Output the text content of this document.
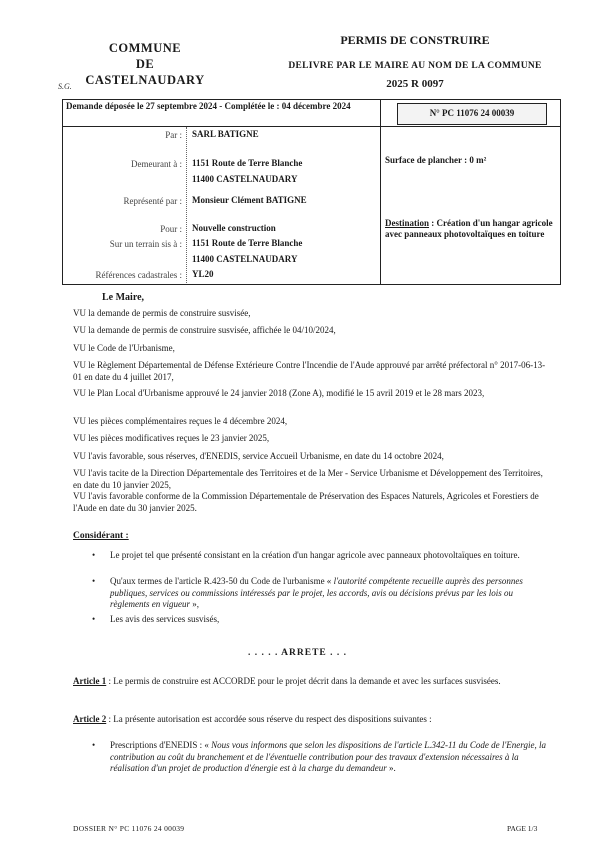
COMMUNE
DE
CASTELNAUDARY
S.G.
PERMIS DE CONSTRUIRE
DELIVRE PAR LE MAIRE AU NOM DE LA COMMUNE
2025 R 0097
N° PC 11076 24 00039
Demande déposée le 27 septembre 2024 - Complétée le : 04 décembre 2024
Par : SARL BATIGNE
Demeurant à : 1151 Route de Terre Blanche
11400 CASTELNAUDARY
Représenté par : Monsieur Clément BATIGNE
Pour : Nouvelle construction
Sur un terrain sis à : 1151 Route de Terre Blanche
11400 CASTELNAUDARY
Références cadastrales : YL20
Surface de plancher : 0 m²
Destination : Création d'un hangar agricole avec panneaux photovoltaïques en toiture
Le Maire,
VU la demande de permis de construire susvisée,
VU la demande de permis de construire susvisée, affichée le 04/10/2024,
VU le Code de l'Urbanisme,
VU le Règlement Départemental de Défense Extérieure Contre l'Incendie de l'Aude approuvé par arrêté préfectoral n° 2017-06-13-01 en date du 4 juillet 2017,
VU le Plan Local d'Urbanisme approuvé le 24 janvier 2018 (Zone A), modifié le 15 avril 2019 et le 28 mars 2023,
VU les pièces complémentaires reçues le 4 décembre 2024,
VU les pièces modificatives reçues le 23 janvier 2025,
VU l'avis favorable, sous réserves, d'ENEDIS, service Accueil Urbanisme, en date du 14 octobre 2024,
VU l'avis tacite de la Direction Départementale des Territoires et de la Mer - Service Urbanisme et Développement des Territoires, en date du 10 janvier 2025,
VU l'avis favorable conforme de la Commission Départementale de Préservation des Espaces Naturels, Agricoles et Forestiers de l'Aude en date du 30 janvier 2025.
Considérant :
•	Le projet tel que présenté consistant en la création d'un hangar agricole avec panneaux photovoltaïques en toiture.
•	Qu'aux termes de l'article R.423-50 du Code de l'urbanisme « l'autorité compétente recueille auprès des personnes publiques, services ou commissions intéressés par le projet, les accords, avis ou décisions prévus par les lois ou règlements en vigueur »,
•	Les avis des services susvisés,
. . . . . ARRETE . . .
Article 1 : Le permis de construire est ACCORDE pour le projet décrit dans la demande et avec les surfaces susvisées.
Article 2 : La présente autorisation est accordée sous réserve du respect des dispositions suivantes :
•	Prescriptions d'ENEDIS : « Nous vous informons que selon les dispositions de l'article L.342-11 du Code de l'Energie, la contribution au coût du branchement et de l'éventuelle contribution pour des travaux d'extension nécessaires à la réalisation d'un projet de production d'énergie est à la charge du demandeur ».
DOSSIER N° PC 11076 24 00039	PAGE 1/3
